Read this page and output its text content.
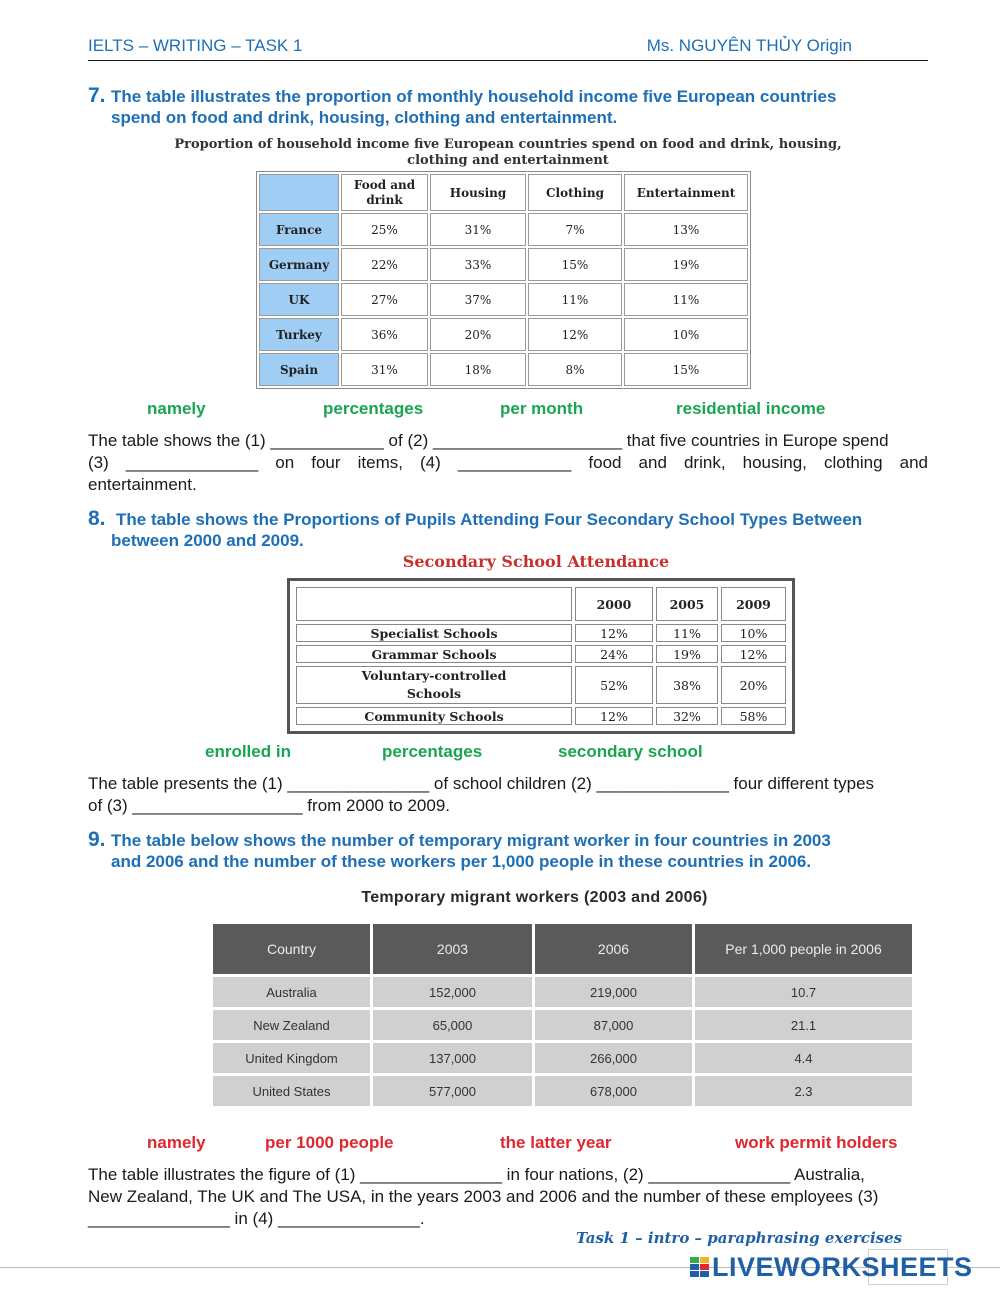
IELTS – WRITING – TASK 1	Ms. NGUYÊN THỦY Origin
7. The table illustrates the proportion of monthly household income five European countries
spend on food and drink, housing, clothing and entertainment.
Proportion of household income five European countries spend on food and drink, housing,
clothing and entertainment
	Food and drink	Housing	Clothing	Entertainment
France	25%	31%	7%	13%
Germany	22%	33%	15%	19%
UK	27%	37%	11%	11%
Turkey	36%	20%	12%	10%
Spain	31%	18%	8%	15%
namely	percentages	per month	residential income
The table shows the (1) ____________ of (2) ____________________ that five countries in Europe spend
(3) ______________ on four items, (4) ____________ food and drink, housing, clothing and
entertainment.
8. The table shows the Proportions of Pupils Attending Four Secondary School Types Between
between 2000 and 2009.
Secondary School Attendance
	2000	2005	2009
Specialist Schools	12%	11%	10%
Grammar Schools	24%	19%	12%
Voluntary-controlled Schools	52%	38%	20%
Community Schools	12%	32%	58%
enrolled in	percentages	secondary school
The table presents the (1) _______________ of school children (2) ______________ four different types
of (3) __________________ from 2000 to 2009.
9. The table below shows the number of temporary migrant worker in four countries in 2003
and 2006 and the number of these workers per 1,000 people in these countries in 2006.
Temporary migrant workers (2003 and 2006)
Country	2003	2006	Per 1,000 people in 2006
Australia	152,000	219,000	10.7
New Zealand	65,000	87,000	21.1
United Kingdom	137,000	266,000	4.4
United States	577,000	678,000	2.3
namely	per 1000 people	the latter year	work permit holders
The table illustrates the figure of (1) _______________ in four nations, (2) _______________ Australia,
New Zealand, The UK and The USA, in the years 2003 and 2006 and the number of these employees (3)
_______________ in (4) _______________.
Task 1 – intro – paraphrasing exercises
LIVEWORKSHEETS
